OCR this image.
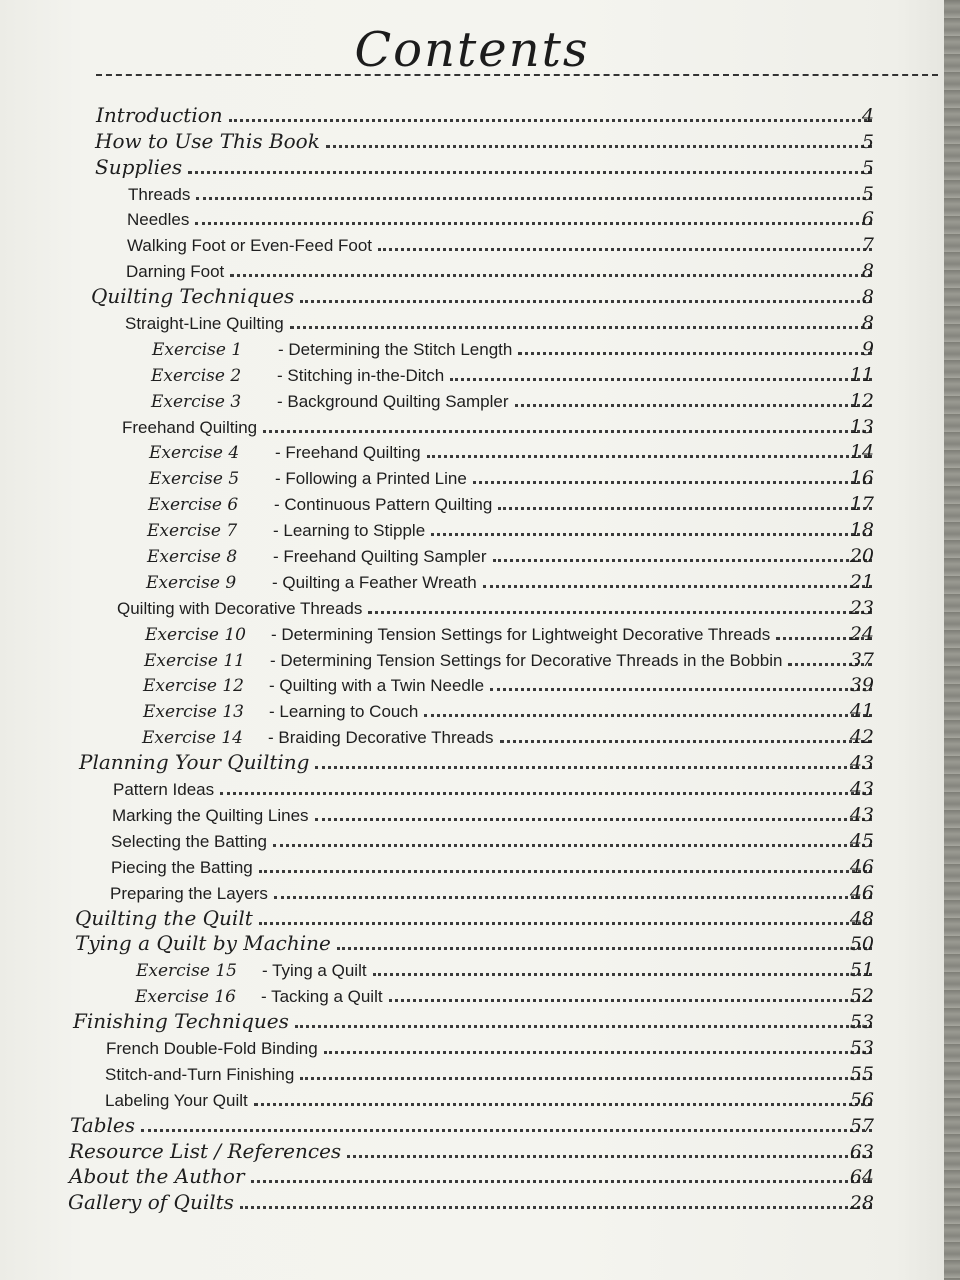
Contents
Introduction	4
How to Use This Book	5
Supplies	5
Threads	5
Needles	6
Walking Foot or Even-Feed Foot	7
Darning Foot	8
Quilting Techniques	8
Straight-Line Quilting	8
Exercise 1 - Determining the Stitch Length	9
Exercise 2 - Stitching in-the-Ditch	11
Exercise 3 - Background Quilting Sampler	12
Freehand Quilting	13
Exercise 4 - Freehand Quilting	14
Exercise 5 - Following a Printed Line	16
Exercise 6 - Continuous Pattern Quilting	17
Exercise 7 - Learning to Stipple	18
Exercise 8 - Freehand Quilting Sampler	20
Exercise 9 - Quilting a Feather Wreath	21
Quilting with Decorative Threads	23
Exercise 10 - Determining Tension Settings for Lightweight Decorative Threads	24
Exercise 11 - Determining Tension Settings for Decorative Threads in the Bobbin	37
Exercise 12 - Quilting with a Twin Needle	39
Exercise 13 - Learning to Couch	41
Exercise 14 - Braiding Decorative Threads	42
Planning Your Quilting	43
Pattern Ideas	43
Marking the Quilting Lines	43
Selecting the Batting	45
Piecing the Batting	46
Preparing the Layers	46
Quilting the Quilt	48
Tying a Quilt by Machine	50
Exercise 15 - Tying a Quilt	51
Exercise 16 - Tacking a Quilt	52
Finishing Techniques	53
French Double-Fold Binding	53
Stitch-and-Turn Finishing	55
Labeling Your Quilt	56
Tables	57
Resource List / References	63
About the Author	64
Gallery of Quilts	28
